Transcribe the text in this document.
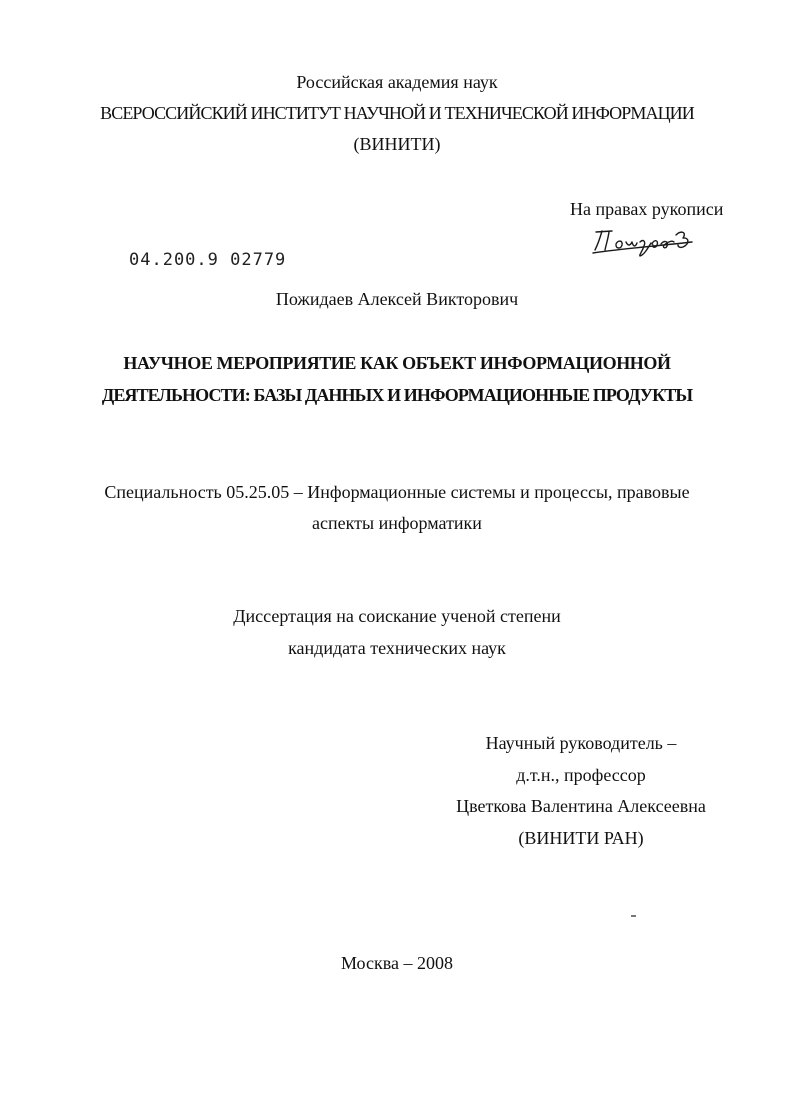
Российская академия наук
ВСЕРОССИЙСКИЙ ИНСТИТУТ НАУЧНОЙ И ТЕХНИЧЕСКОЙ ИНФОРМАЦИИ
(ВИНИТИ)
На правах рукописи
04.200.9 02779
Пожидаев Алексей Викторович
НАУЧНОЕ МЕРОПРИЯТИЕ КАК ОБЪЕКТ ИНФОРМАЦИОННОЙ
ДЕЯТЕЛЬНОСТИ: БАЗЫ ДАННЫХ И ИНФОРМАЦИОННЫЕ ПРОДУКТЫ
Специальность 05.25.05 – Информационные системы и процессы, правовые
аспекты информатики
Диссертация на соискание ученой степени
кандидата технических наук
Научный руководитель –
д.т.н., профессор
Цветкова Валентина Алексеевна
(ВИНИТИ РАН)
Москва – 2008
